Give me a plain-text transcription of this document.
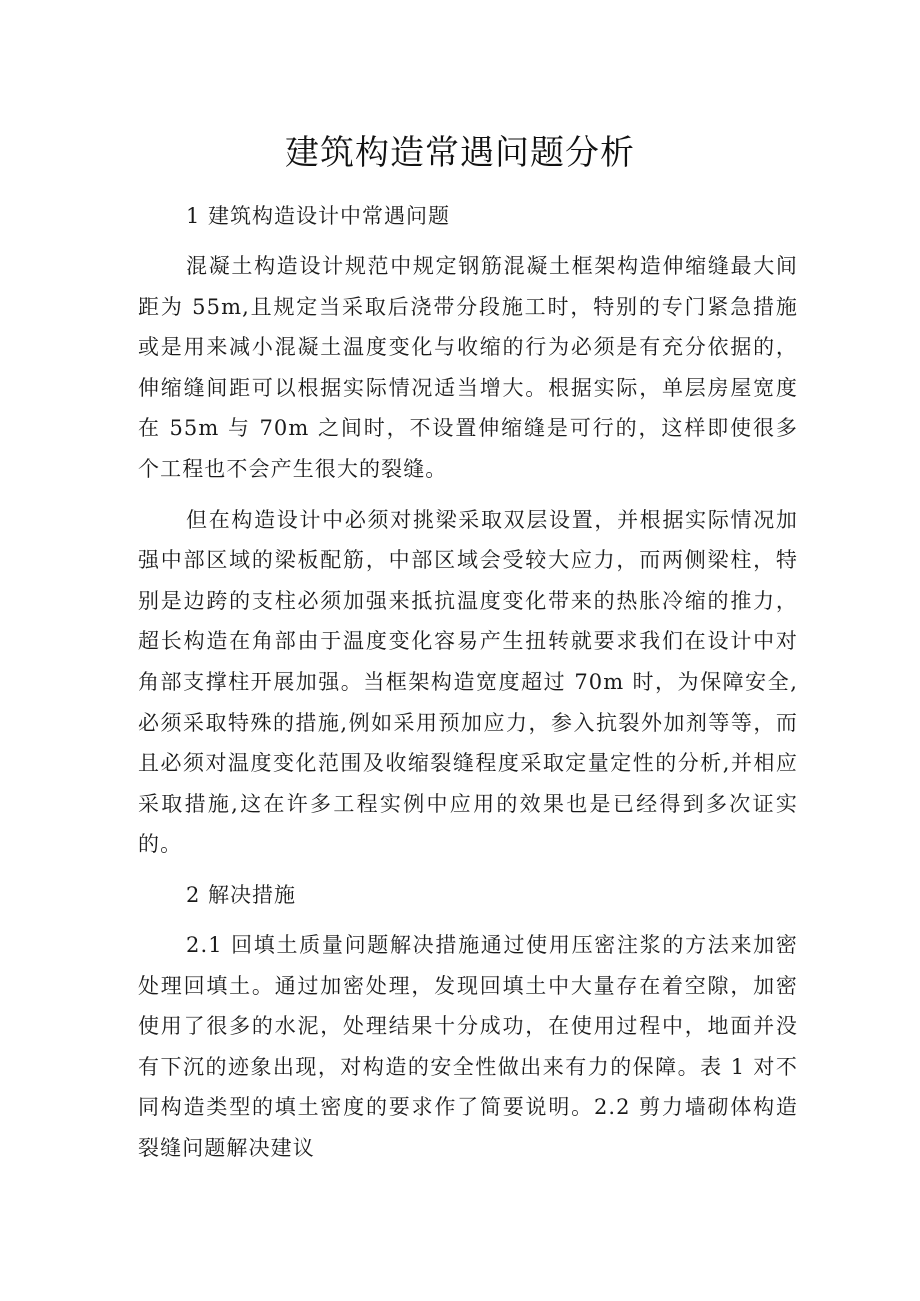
建筑构造常遇问题分析
1 建筑构造设计中常遇问题

混凝土构造设计规范中规定钢筋混凝土框架构造伸缩缝最大间距为 55m,且规定当采取后浇带分段施工时，特别的专门紧急措施或是用来减小混凝土温度变化与收缩的行为必须是有充分依据的，伸缩缝间距可以根据实际情况适当增大。根据实际，单层房屋宽度在 55m 与 70m 之间时，不设置伸缩缝是可行的，这样即使很多个工程也不会产生很大的裂缝。

但在构造设计中必须对挑梁采取双层设置，并根据实际情况加强中部区域的梁板配筋，中部区域会受较大应力，而两侧梁柱，特别是边跨的支柱必须加强来抵抗温度变化带来的热胀冷缩的推力，超长构造在角部由于温度变化容易产生扭转就要求我们在设计中对角部支撑柱开展加强。当框架构造宽度超过 70m 时，为保障安全,必须采取特殊的措施,例如采用预加应力，参入抗裂外加剂等等，而且必须对温度变化范围及收缩裂缝程度采取定量定性的分析,并相应采取措施,这在许多工程实例中应用的效果也是已经得到多次证实的。

2 解决措施

2.1 回填土质量问题解决措施通过使用压密注浆的方法来加密处理回填土。通过加密处理，发现回填土中大量存在着空隙，加密使用了很多的水泥，处理结果十分成功，在使用过程中，地面并没有下沉的迹象出现，对构造的安全性做出来有力的保障。表 1 对不同构造类型的填土密度的要求作了简要说明。2.2 剪力墙砌体构造裂缝问题解决建议
